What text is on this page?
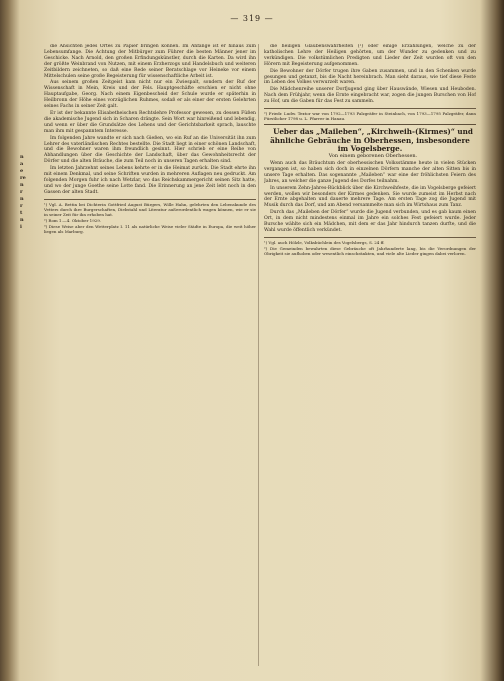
— 319 —
n
a
e
re
n
r
n
r
t
n
i

die Ansichten jedes Ortes zu Papier bringen können. Im Anfange ist er hinaus zum Lebensumfange. Die Achtung der Mitbürger zum Führer die besten Männer jener im Geschicke. Nach Arnold, den großen Erfindungskünstler, durch die Karten. Da wird ihn der größte Weinbrand von Nutzen, mit einem Erzherzogs und Handelsbuch und weiteren Zeitbildern zeichneten, so daß eine Rede seiner Beratschlage vor Heineke vor einem Mittelschulen seine große Begeisterung für wissenschaftliche Arbeit ist.

Aus seinem großen Zeitgeist kam nicht nur ein Zwiespalt, sondern der Ruf der Wissenschaft in Mein, Kreis und der Fels. Hauptgeschäfte erschien er nicht ohne Hauptaufgabe, Georg. Nach einem Eigenbescheid der Schule wurde er späterhin in Heilbronn der Höhe eines vorzüglichen Ruhmes, sodaß er als einer der ersten Gelehrten seines Fachs in seiner Zeit galt.

Er ist der bekannte Elisabetheischen Rechtslehre Professor gewesen, zu dessen Füßen die akademische Jugend sich in Scharen drängte. Sein Wort war hinreißend und lebendig, und wenn er über die Grundsätze des Lehens und der Gerichtsbarkeit sprach, lauschte man ihm mit gespanntem Interesse.

Im folgenden Jahre wandte er sich nach Gießen, wo ein Ruf an die Universität ihn zum Lehrer des vaterländischen Rechtes bestellte. Die Stadt liegt in einer schönen Landschaft, und die Bewohner waren ihm freundlich gesinnt. Hier schrieb er eine Reihe von Abhandlungen über die Geschichte der Landschaft, über das Gewohnheitsrecht der Dörfer und die alten Bräuche, die zum Teil noch in unseren Tagen erhalten sind.

Im letzten Jahrzehnt seines Lebens kehrte er in die Heimat zurück. Die Stadt ehrte ihn mit einem Denkmal, und seine Schriften wurden in mehreren Auflagen neu gedruckt. Am folgenden Morgen fuhr ich nach Wetzlar, wo das Reichskammergericht seinen Sitz hatte, und wo der junge Goethe seine Lotte fand. Die Erinnerung an jene Zeit lebt noch in den Gassen der alten Stadt.

¹) Vgl. A. Bettin bei Dichterin Gottfried August Bürgers, Wille Hahn, gelehrten den Lebenskunde des Vetters durch ihre Burgerschaften, Diebstahl und Literatur außerordentlich wagen können, wie er sie in seiner Zeit für ihn erhoben hat.

²) Rom 1.—4. Oktober 1929.

³) Diese Weise aber den Wetterplatz I. 11 als natürliche Weise vieler Städte in Europa, die weit höher liegen als Marburg.

die heiligen Glaubenswahrheiten (¹) oder einige Erzählungen, welche zu der katholischen Lehre der Heiligen gehörten, um der Wunder zu gedenken und zu verkündigen. Die volkstümlichen Predigten und Lieder der Zeit wurden oft von den Hörern mit Begeisterung aufgenommen.

Die Bewohner der Dörfer trugen ihre Gaben zusammen, und in den Schenken wurde gesungen und getanzt, bis die Nacht hereinbrach. Man sieht daraus, wie tief diese Feste im Leben des Volkes verwurzelt waren.

Die Mädchenreihe unserer Dorfjugend ging über Hauswände, Wiesen und Heuboden. Nach dem Frühjahr, wenn die Ernte eingebracht war, zogen die jungen Burschen von Hof zu Hof, um die Gaben für das Fest zu sammeln.

²) Friedr. Ludw. Textor war von 1792—1793 Palzgräfer in Steinbach, von 1793—1795 Palzgräfer, dann Fürstlicher 1798 u. L. Pfarrer in Hanau.

Ueber das „Maileben“, „Kirchweih-(Kirmes)“ und ähnliche Gebräuche in Oberhessen, insbesondere im Vogelsberge.

Von einem geborenen Oberhessen.

Wenn auch das Bräuchtum der oberhessischen Volksstämme heute in vielen Stücken vergangen ist, so haben sich doch in einzelnen Dörfern manche der alten Sitten bis in unsere Tage erhalten. Das sogenannte „Maileben“ war eine der fröhlichsten Feiern des Jahres, an welcher die ganze Jugend des Dorfes teilnahm.

In unserem Zehn-Jahres-Rückblick über die Kirchweihfeste, die im Vogelsberge gefeiert werden, wollen wir besonders der Kirmes gedenken. Sie wurde zumeist im Herbst nach der Ernte abgehalten und dauerte mehrere Tage. Am ersten Tage zog die Jugend mit Musik durch das Dorf, und am Abend versammelte man sich im Wirtshaus zum Tanz.

Durch das „Maileben der Dörfer“ wurde die Jugend verbunden, und es gab kaum einen Ort, in dem nicht mindestens einmal im Jahre ein solches Fest gefeiert wurde. Jeder Bursche wählte sich ein Mädchen, mit dem er das Jahr hindurch tanzen durfte, und die Wahl wurde öffentlich verkündet.

¹) Vgl. auch Hölzle, Volksbüchlein des Vogelsbergs, S. 24 ff.

²) Die Gemeinden bewahrten diese Gebräuche oft Jahrhunderte lang, bis die Verordnungen der Obrigkeit sie aufhoben oder wesentlich einschränkten, und viele alte Lieder gingen dabei verloren.
